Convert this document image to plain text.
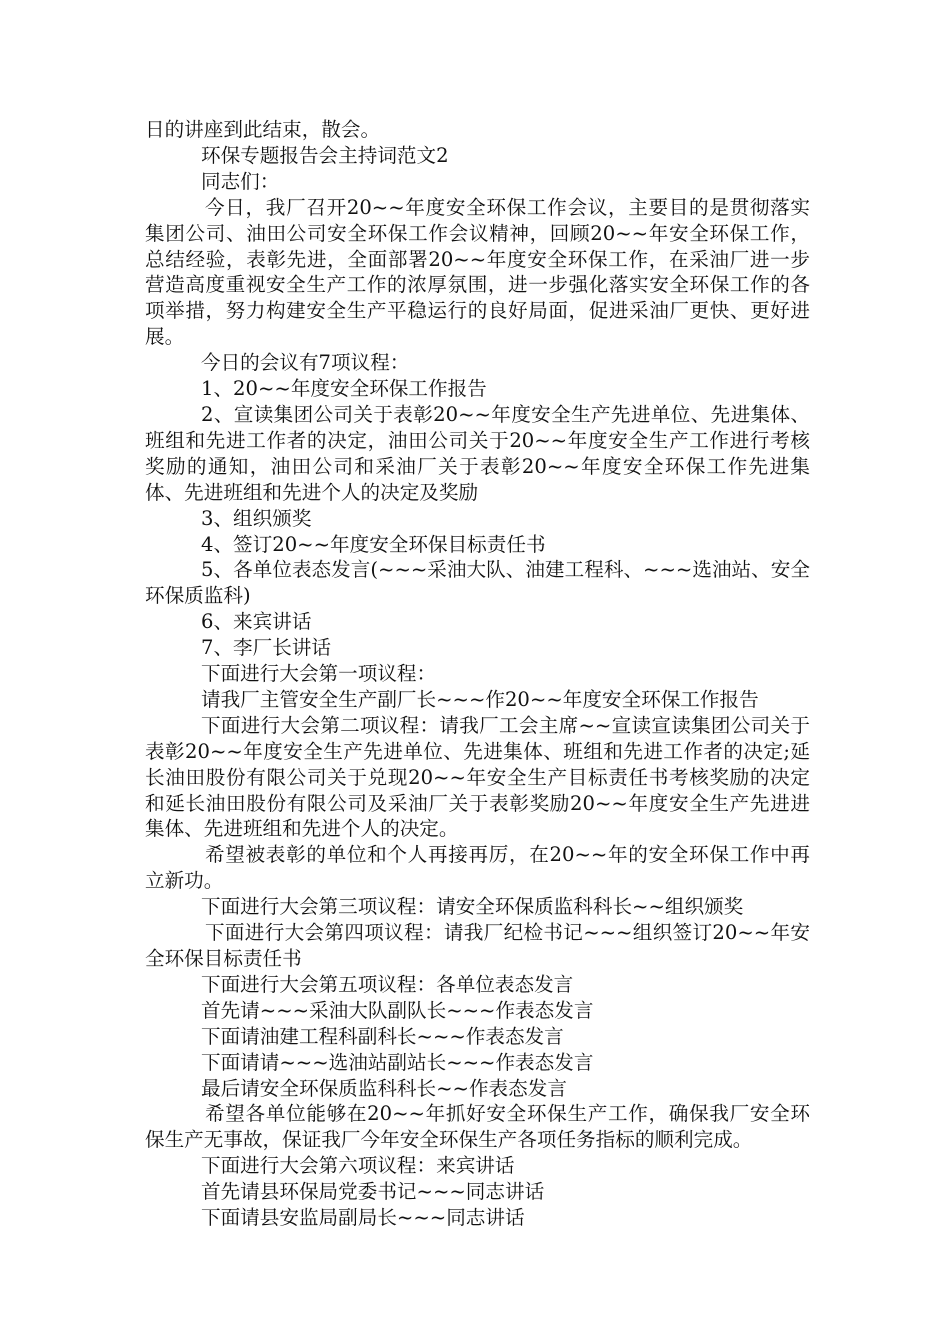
日的讲座到此结束，散会。

环保专题报告会主持词范文2

同志们：

今日，我厂召开20~~年度安全环保工作会议，主要目的是贯彻落实集团公司、油田公司安全环保工作会议精神，回顾20~~年安全环保工作，总结经验，表彰先进，全面部署20~~年度安全环保工作，在采油厂进一步营造高度重视安全生产工作的浓厚氛围，进一步强化落实安全环保工作的各项举措，努力构建安全生产平稳运行的良好局面，促进采油厂更快、更好进展。

今日的会议有7项议程：

1、20~~年度安全环保工作报告

2、宣读集团公司关于表彰20~~年度安全生产先进单位、先进集体、班组和先进工作者的决定，油田公司关于20~~年度安全生产工作进行考核奖励的通知，油田公司和采油厂关于表彰20~~年度安全环保工作先进集体、先进班组和先进个人的决定及奖励

3、组织颁奖

4、签订20~~年度安全环保目标责任书

5、各单位表态发言(~~~采油大队、油建工程科、~~~选油站、安全环保质监科)

6、来宾讲话

7、李厂长讲话

下面进行大会第一项议程：

请我厂主管安全生产副厂长~~~作20~~年度安全环保工作报告

下面进行大会第二项议程：请我厂工会主席~~宣读宣读集团公司关于表彰20~~年度安全生产先进单位、先进集体、班组和先进工作者的决定;延长油田股份有限公司关于兑现20~~年安全生产目标责任书考核奖励的决定和延长油田股份有限公司及采油厂关于表彰奖励20~~年度安全生产先进进集体、先进班组和先进个人的决定。

希望被表彰的单位和个人再接再厉，在20~~年的安全环保工作中再立新功。

下面进行大会第三项议程：请安全环保质监科科长~~组织颁奖

下面进行大会第四项议程：请我厂纪检书记~~~组织签订20~~年安全环保目标责任书

下面进行大会第五项议程：各单位表态发言

首先请~~~采油大队副队长~~~作表态发言

下面请油建工程科副科长~~~作表态发言

下面请请~~~选油站副站长~~~作表态发言

最后请安全环保质监科科长~~作表态发言

希望各单位能够在20~~年抓好安全环保生产工作，确保我厂安全环保生产无事故，保证我厂今年安全环保生产各项任务指标的顺利完成。

下面进行大会第六项议程：来宾讲话

首先请县环保局党委书记~~~同志讲话

下面请县安监局副局长~~~同志讲话
